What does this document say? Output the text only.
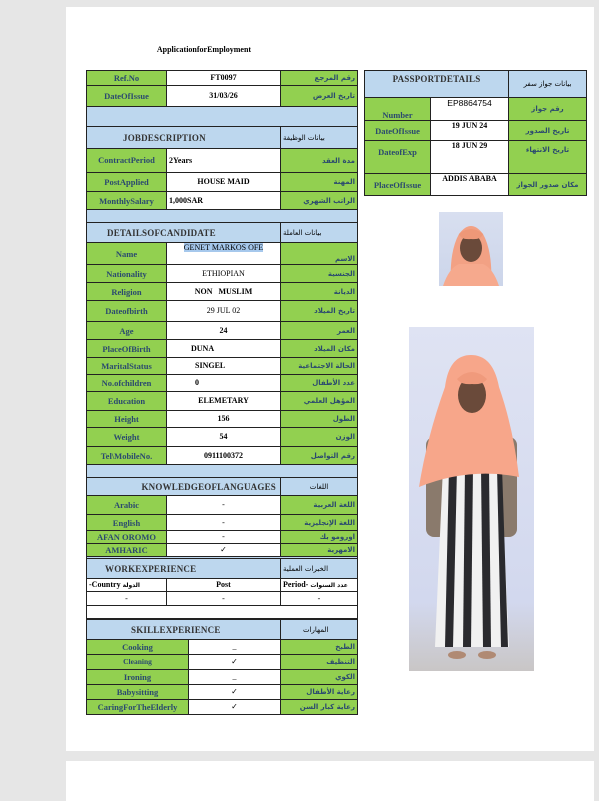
ApplicationforEmployment
Ref.No	FT0097	رقم المرجع
DateOfIssue	31/03/26	تاريخ العرض

JOBDESCRIPTION		بيانات الوظيفة
ContractPeriod	2Years	مدة العقد
PostApplied	HOUSE MAID	المهنة
MonthlySalary	1,000SAR	الراتب الشهري

DETAILSOFCANDIDATE		بيانات العاملة
Name	GENET MARKOS OFE	الاسم
Nationality	ETHIOPIAN	الجنسية
Religion	NON   MUSLIM	الديانة
Dateofbirth	29 JUL 02	تاريخ الميلاد
Age	24	العمر
PlaceOfBirth	DUNA	مكان الميلاد
MaritalStatus	SINGEL	الحالة الاجتماعية
No.ofchildren	0	عدد الأطفال
Education	ELEMETARY	المؤهل العلمي
Height	156	الطول
Weight	54	الوزن
Tel\MobileNo.	0911100372	رقم التواصل

KNOWLEDGEOFLANGUAGES		اللغات
Arabic	-	اللغة العربية
English	-	اللغة الإنجليزية
AFAN OROMO	-	اورومو بك
AMHARIC	✓	الامهرية

WORKEXPERIENCE		الخبرات العملية
-Country الدولة	Post	Period- عدد السنوات
-	-	-

SKILLEXPERIENCE		المهارات
Cooking	_	الطبخ
Cleaning	✓	التنظيف
Ironing	_	الكوي
Babysitting	✓	رعاية الأطفال
CaringForTheElderly	✓	رعاية كبار السن
PASSPORTDETAILS		بيانات جواز سفر
Number	EP8864754	رقم جواز
DateOfIssue	19 JUN 24	تاريخ الصدور
DateofExp	18 JUN 29	تاريخ الانتهاء
PlaceOfIssue	ADDIS ABABA	مكان صدور الجواز
